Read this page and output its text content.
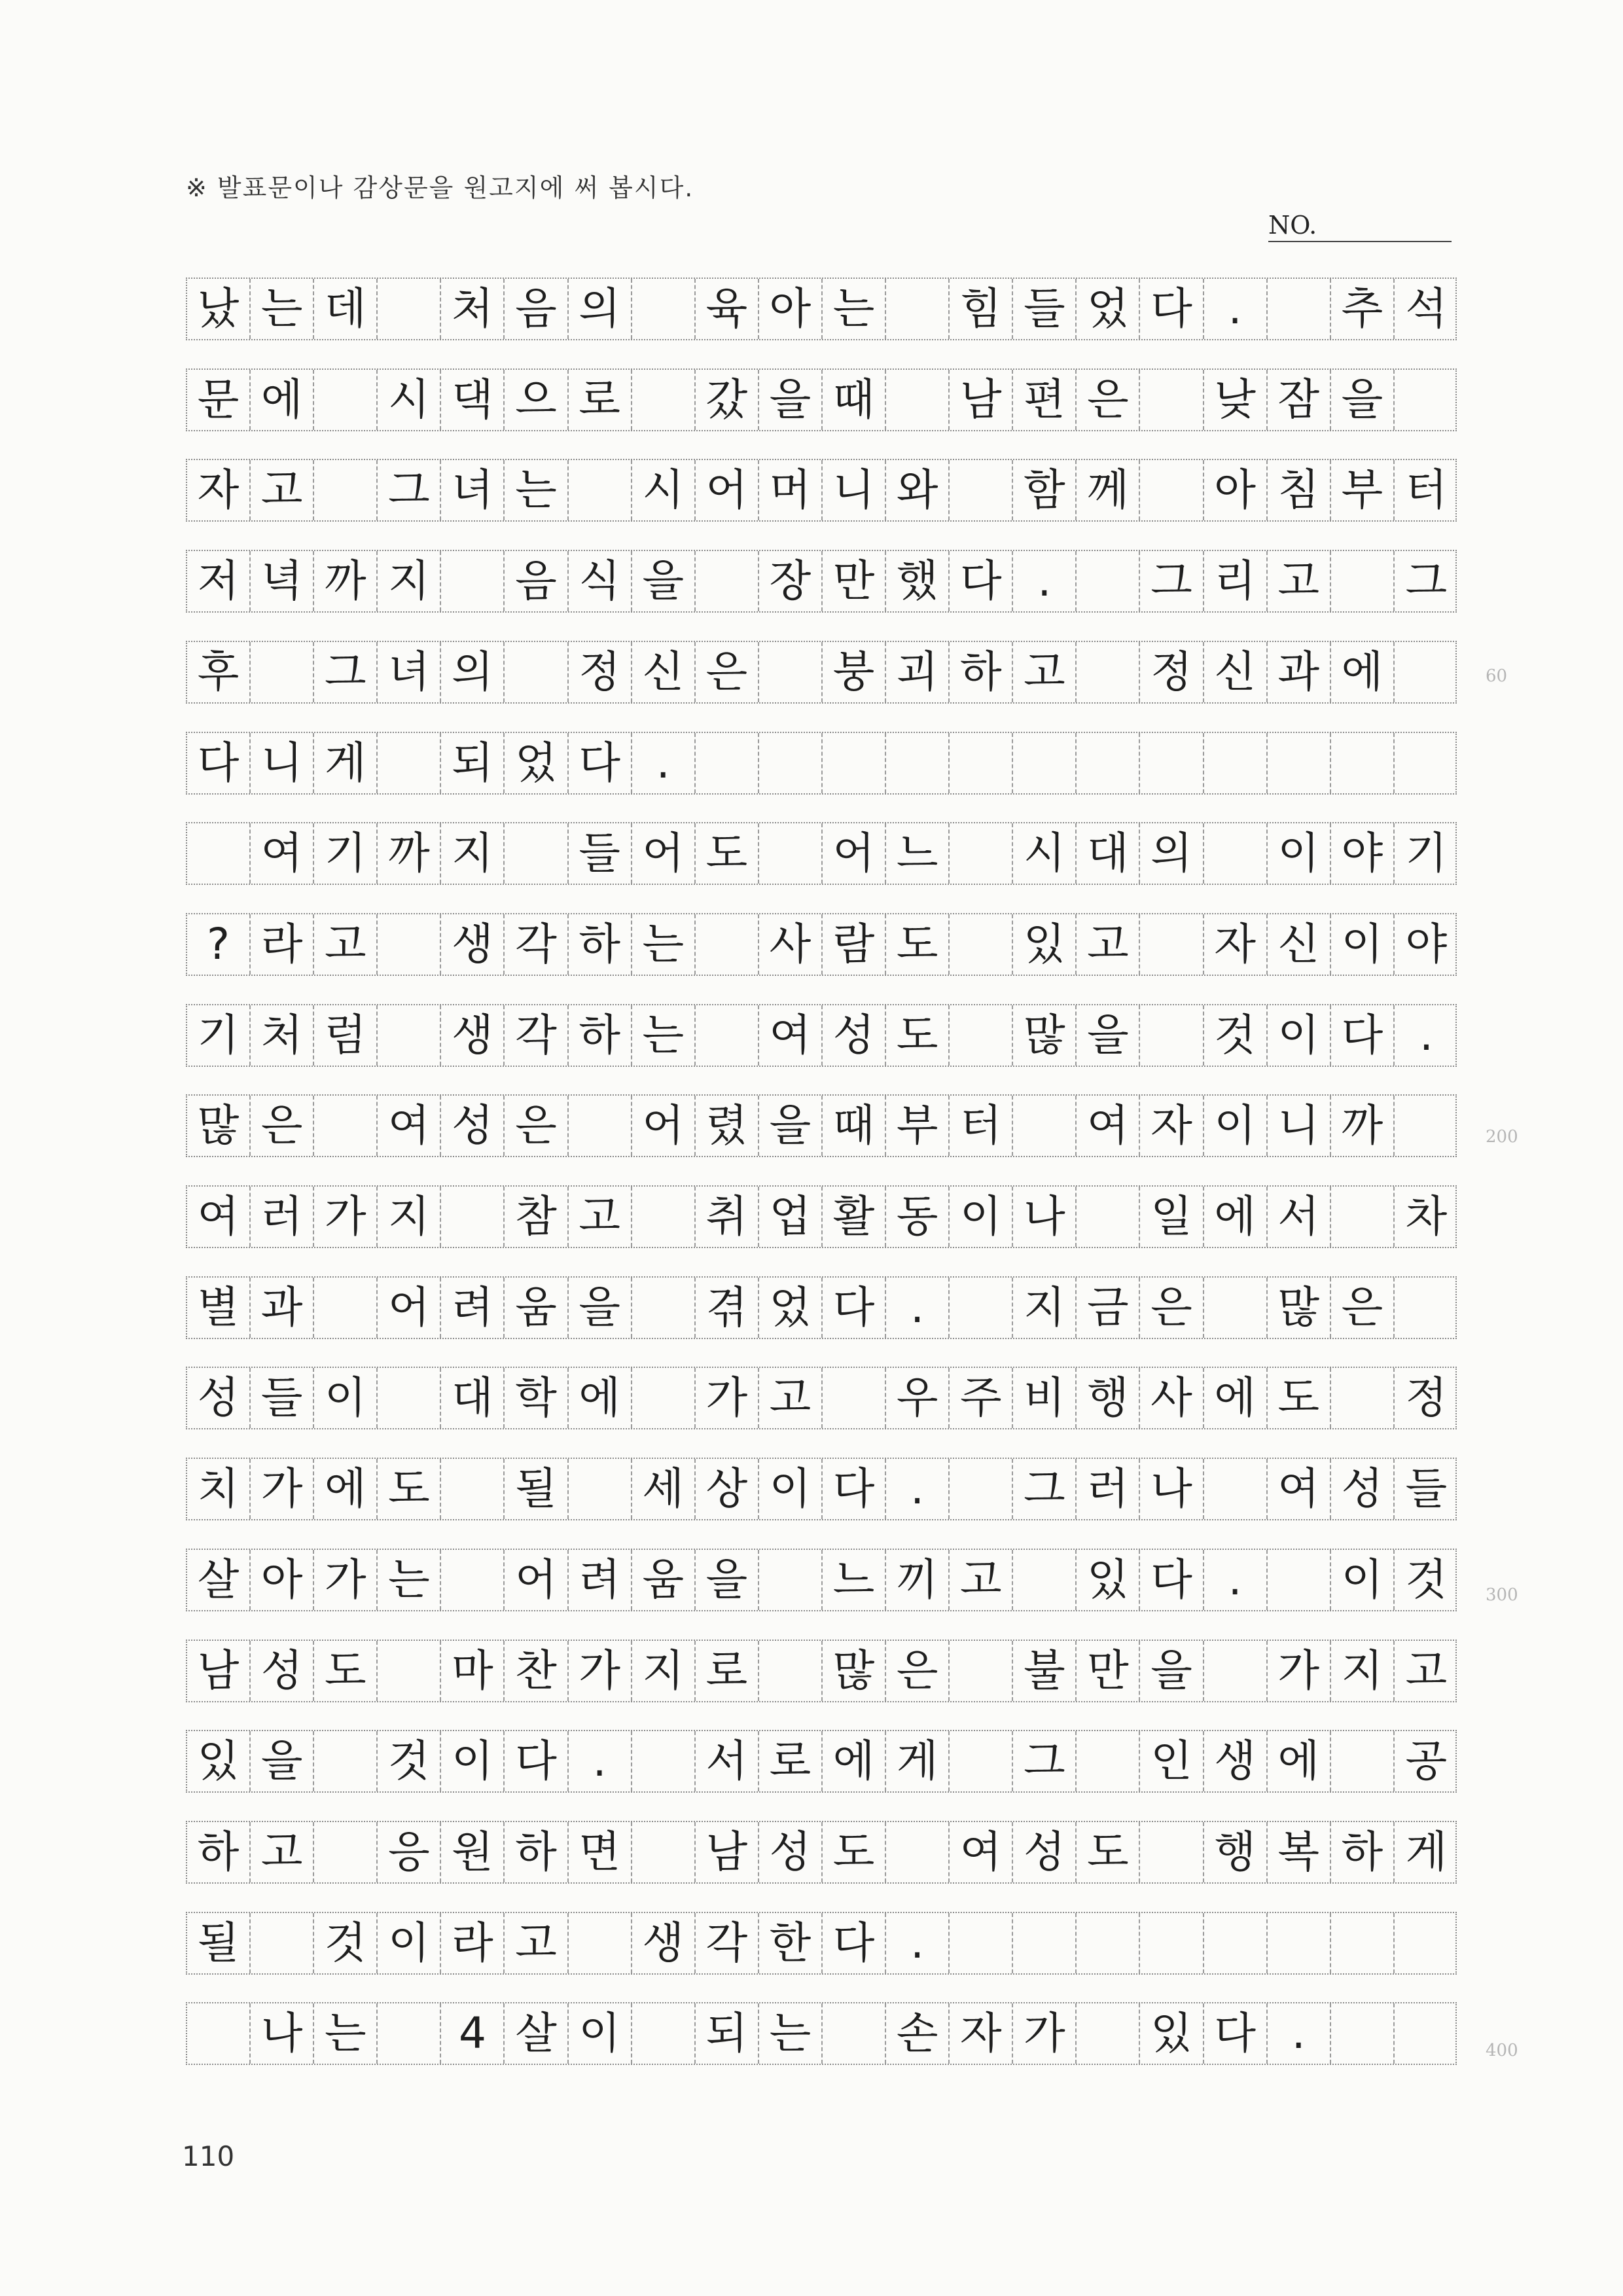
※ 발표문이나 감상문을 원고지에 써 봅시다.
NO.
났 는 데 처 음 의 육 아 는 힘 들 었 다 . 추 석
문 에 시 댁 으 로 갔 을 때 남 편 은 낮 잠 을
자 고 그 녀 는 시 어 머 니 와 함 께 아 침 부 터
저 녁 까 지 음 식 을 장 만 했 다 . 그 리 고 그
후 그 녀 의 정 신 은 붕 괴 하 고 정 신 과 에
다 니 게 되 었 다 .
여 기 까 지 들 어 도 어 느 시 대 의 이 야 기
? 라 고 생 각 하 는 사 람 도 있 고 자 신 이 야
기 처 럼 생 각 하 는 여 성 도 많 을 것 이 다 .
많 은 여 성 은 어 렸 을 때 부 터 여 자 이 니 까
여 러 가 지 참 고 취 업 활 동 이 나 일 에 서 차
별 과 어 려 움 을 겪 었 다 . 지 금 은 많 은
성 들 이 대 학 에 가 고 우 주 비 행 사 에 도 정
치 가 에 도 될 세 상 이 다 . 그 러 나 여 성 들
살 아 가 는 어 려 움 을 느 끼 고 있 다 . 이 것
남 성 도 마 찬 가 지 로 많 은 불 만 을 가 지 고
있 을 것 이 다 . 서 로 에 게 그 인 생 에 공
하 고 응 원 하 면 남 성 도 여 성 도 행 복 하 게
될 것 이 라 고 생 각 한 다 .
나 는 4 살 이 되 는 손 자 가 있 다 .
60
200
300
400
110
